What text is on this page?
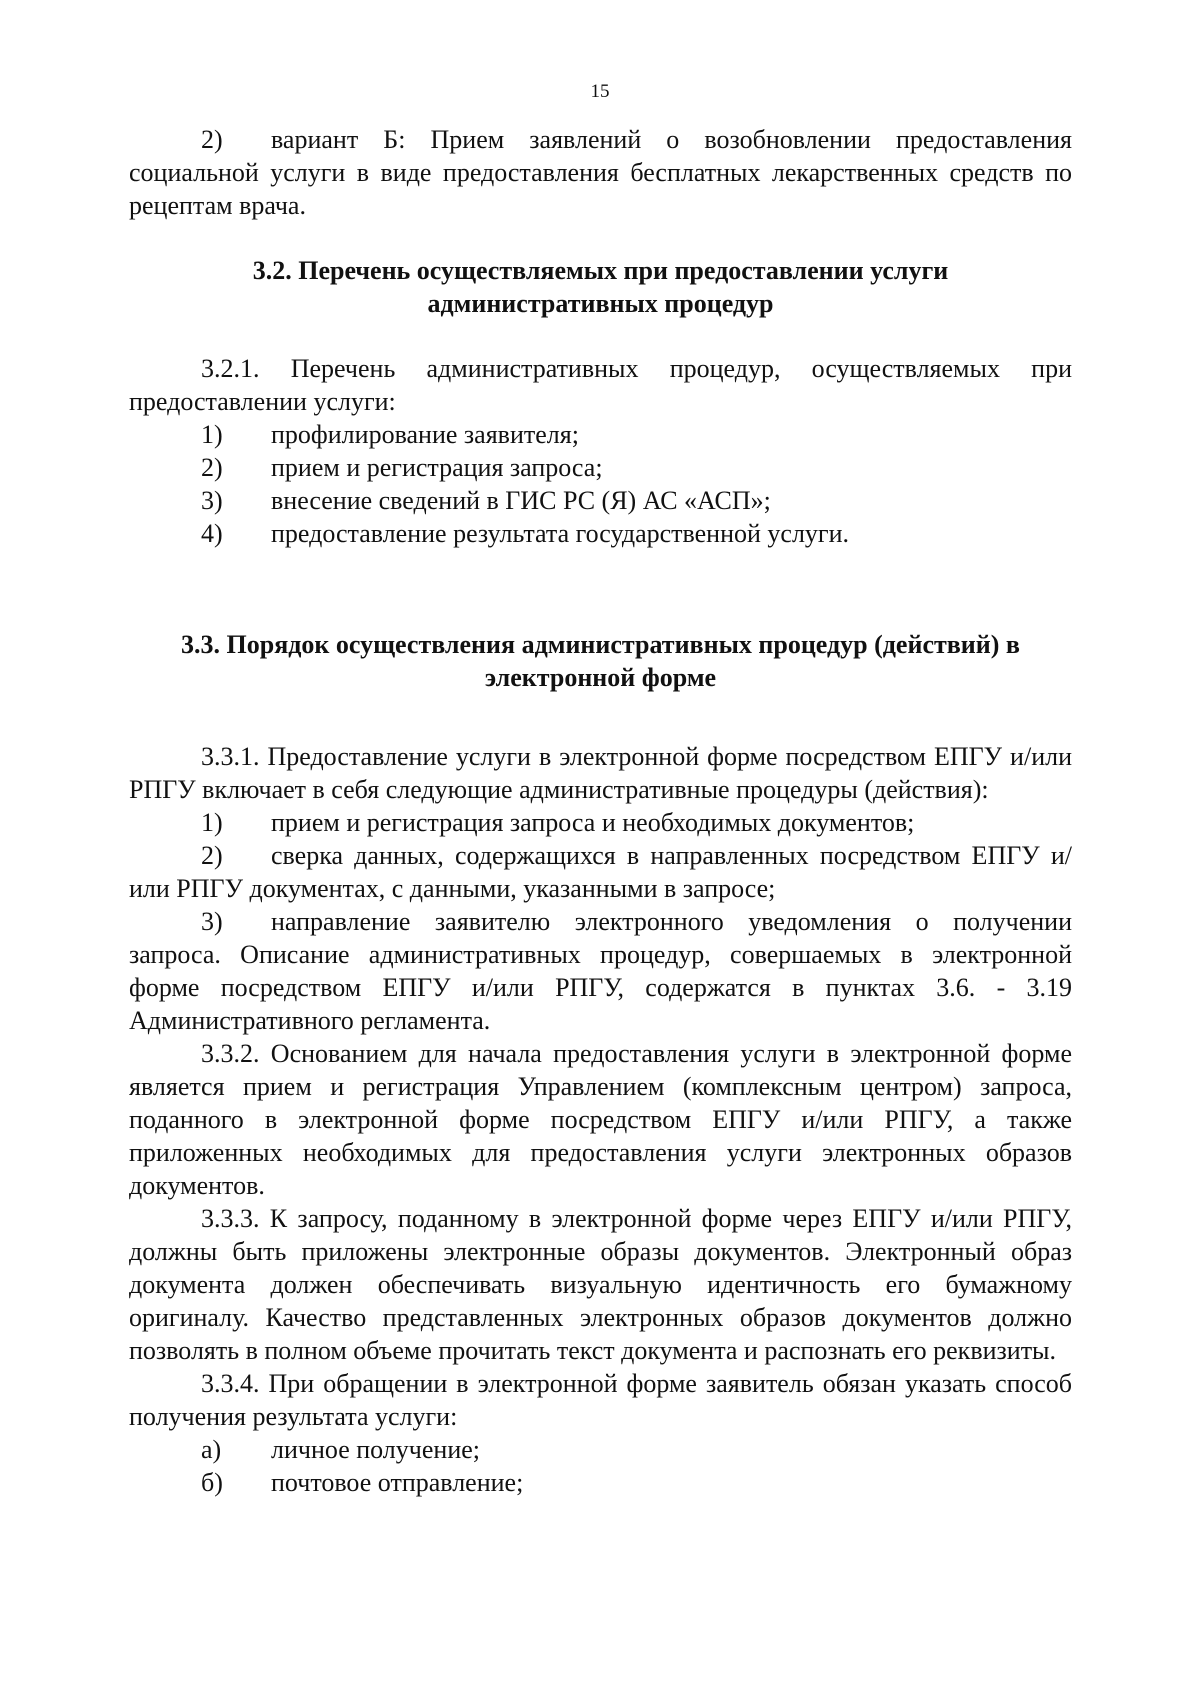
15

2) вариант Б: Прием заявлений о возобновлении предоставления социальной услуги в виде предоставления бесплатных лекарственных средств по рецептам врача.

3.2. Перечень осуществляемых при предоставлении услуги

административных процедур

3.2.1. Перечень административных процедур, осуществляемых при предоставлении услуги:

1) профилирование заявителя;

2) прием и регистрация запроса;

3) внесение сведений в ГИС РС (Я) АС «АСП»;

4) предоставление результата государственной услуги.

3.3. Порядок осуществления административных процедур (действий) в

электронной форме

3.3.1. Предоставление услуги в электронной форме посредством ЕПГУ и/или РПГУ включает в себя следующие административные процедуры (действия):

1) прием и регистрация запроса и необходимых документов;

2) сверка данных, содержащихся в направленных посредством ЕПГУ и/или РПГУ документах, с данными, указанными в запросе;

3) направление заявителю электронного уведомления о получении запроса. Описание административных процедур, совершаемых в электронной форме посредством ЕПГУ и/или РПГУ, содержатся в пунктах 3.6. - 3.19 Административного регламента.

3.3.2. Основанием для начала предоставления услуги в электронной форме является прием и регистрация Управлением (комплексным центром) запроса, поданного в электронной форме посредством ЕПГУ и/или РПГУ, а также приложенных необходимых для предоставления услуги электронных образов документов.

3.3.3. К запросу, поданному в электронной форме через ЕПГУ и/или РПГУ, должны быть приложены электронные образы документов. Электронный образ документа должен обеспечивать визуальную идентичность его бумажному оригиналу. Качество представленных электронных образов документов должно позволять в полном объеме прочитать текст документа и распознать его реквизиты.

3.3.4. При обращении в электронной форме заявитель обязан указать способ получения результата услуги:

а) личное получение;

б) почтовое отправление;
